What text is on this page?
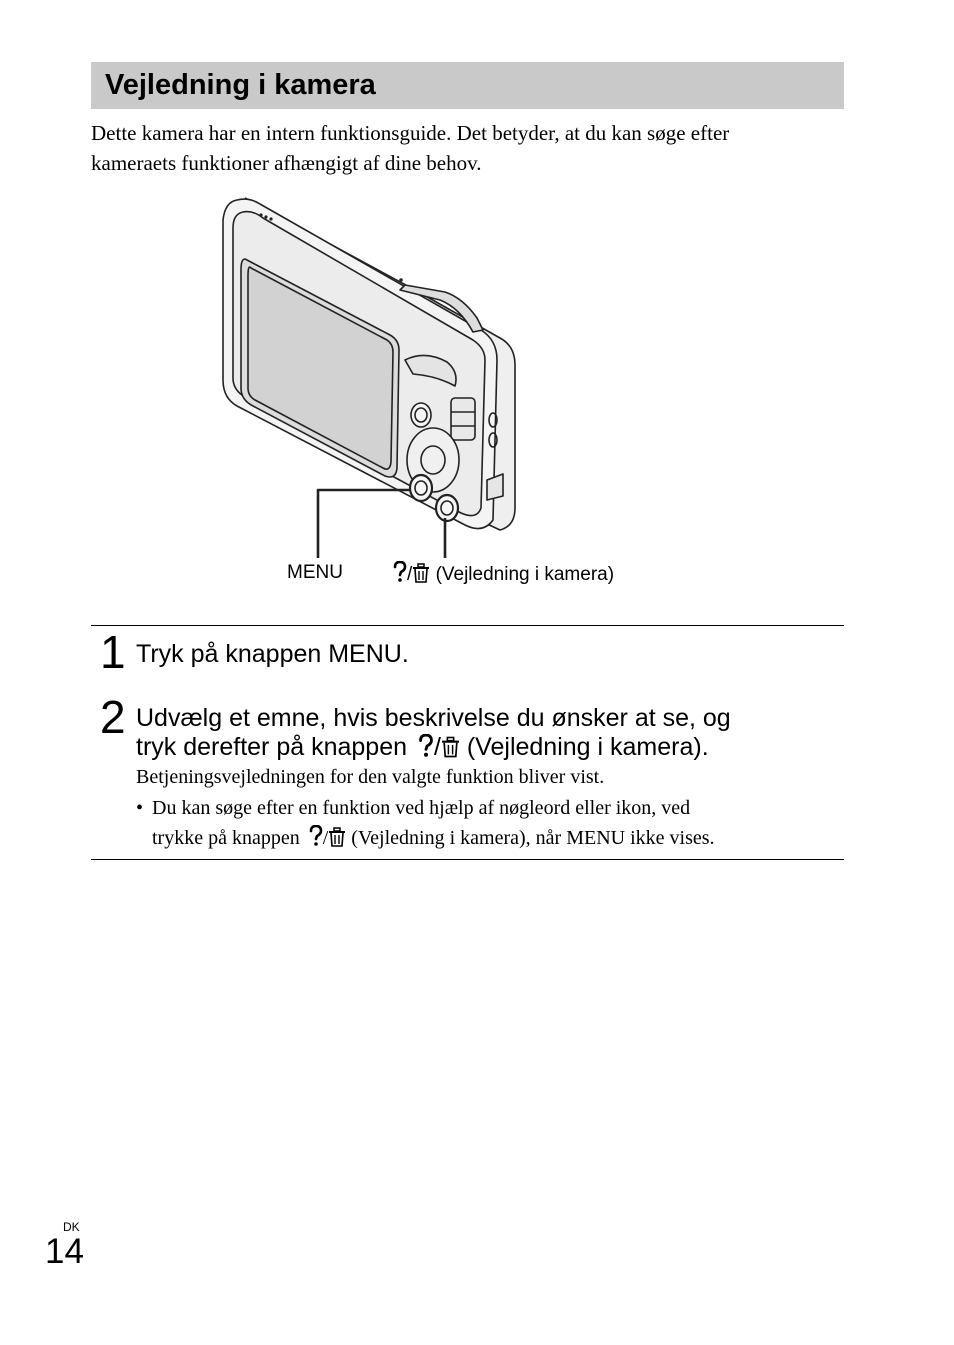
Vejledning i kamera
Dette kamera har en intern funktionsguide. Det betyder, at du kan søge efter
kameraets funktioner afhængigt af dine behov.
MENU	/ (Vejledning i kamera)
1 Tryk på knappen MENU.
2 Udvælg et emne, hvis beskrivelse du ønsker at se, og
tryk derefter på knappen / (Vejledning i kamera).
Betjeningsvejledningen for den valgte funktion bliver vist.
• Du kan søge efter en funktion ved hjælp af nøgleord eller ikon, ved
trykke på knappen / (Vejledning i kamera), når MENU ikke vises.
DK
14
